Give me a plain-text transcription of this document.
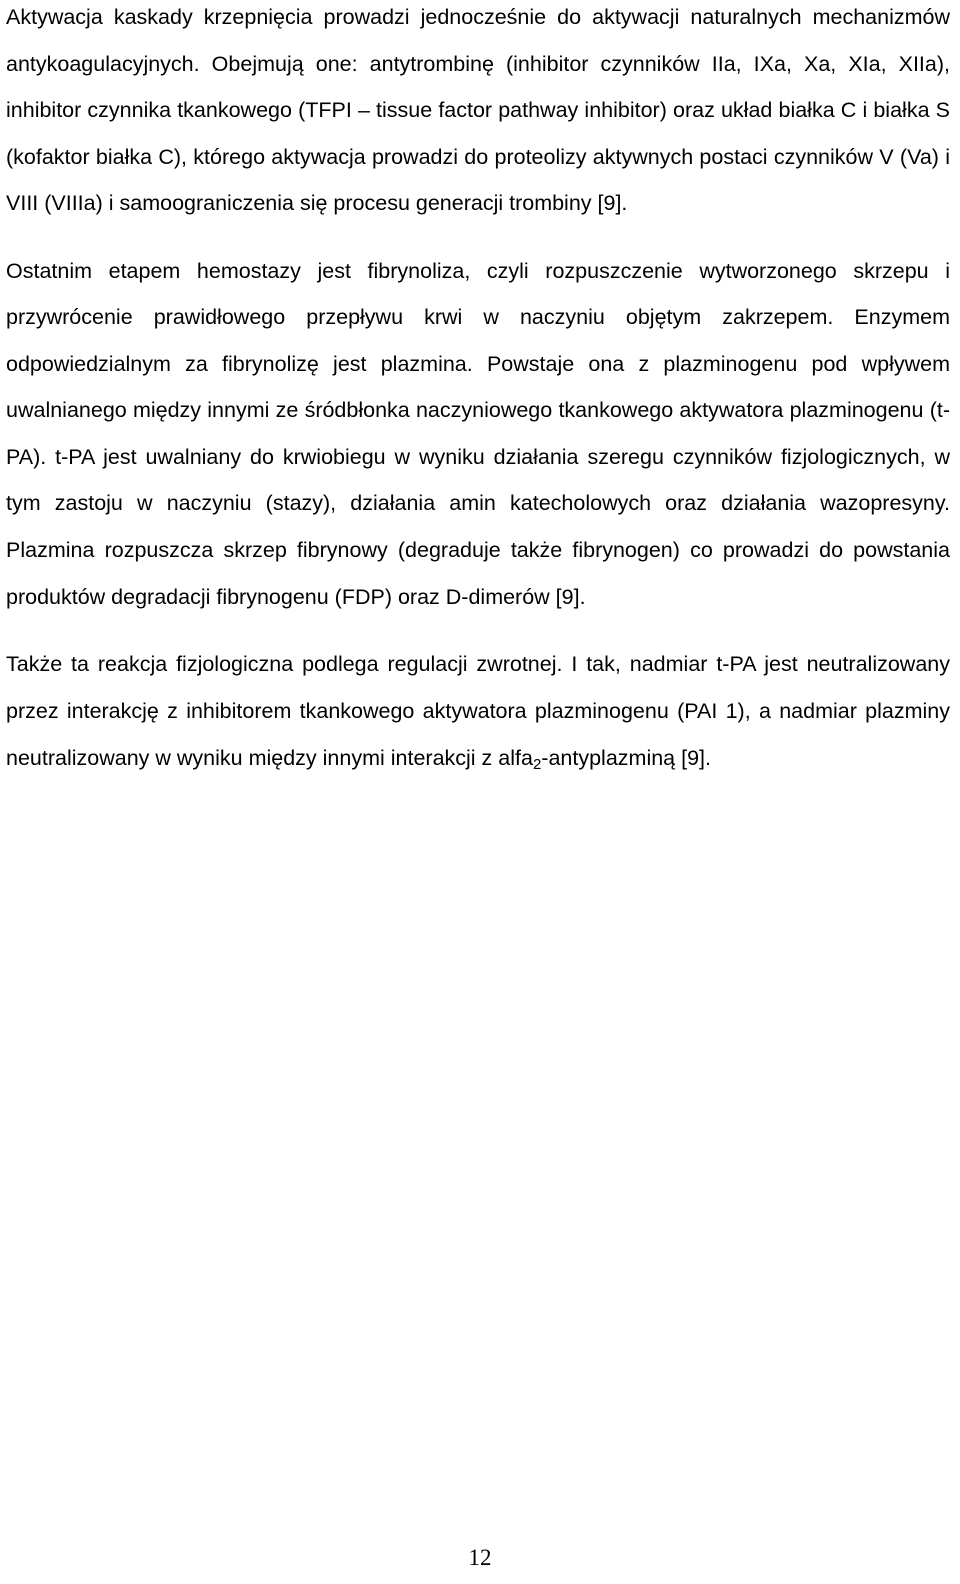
Aktywacja kaskady krzepnięcia prowadzi jednocześnie do aktywacji naturalnych mechanizmów antykoagulacyjnych. Obejmują one: antytrombinę (inhibitor czynników IIa, IXa, Xa, XIa, XIIa), inhibitor czynnika tkankowego (TFPI – tissue factor pathway inhibitor) oraz układ białka C i białka S (kofaktor białka C), którego aktywacja prowadzi do proteolizy aktywnych postaci czynników V (Va) i VIII (VIIIa) i samoograniczenia się procesu generacji trombiny [9].

Ostatnim etapem hemostazy jest fibrynoliza, czyli rozpuszczenie wytworzonego skrzepu i przywrócenie prawidłowego przepływu krwi w naczyniu objętym zakrzepem. Enzymem odpowiedzialnym za fibrynolizę jest plazmina. Powstaje ona z plazminogenu pod wpływem uwalnianego między innymi ze śródbłonka naczyniowego tkankowego aktywatora plazminogenu (t-PA). t-PA jest uwalniany do krwiobiegu w wyniku działania szeregu czynników fizjologicznych, w tym zastoju w naczyniu (stazy), działania amin katecholowych oraz działania wazopresyny. Plazmina rozpuszcza skrzep fibrynowy (degraduje także fibrynogen) co prowadzi do powstania produktów degradacji fibrynogenu (FDP) oraz D-dimerów [9].

Także ta reakcja fizjologiczna podlega regulacji zwrotnej. I tak, nadmiar t-PA jest neutralizowany przez interakcję z inhibitorem tkankowego aktywatora plazminogenu (PAI 1), a nadmiar plazminy neutralizowany w wyniku między innymi interakcji z alfa$_2$-antyplazminą [9].

12
